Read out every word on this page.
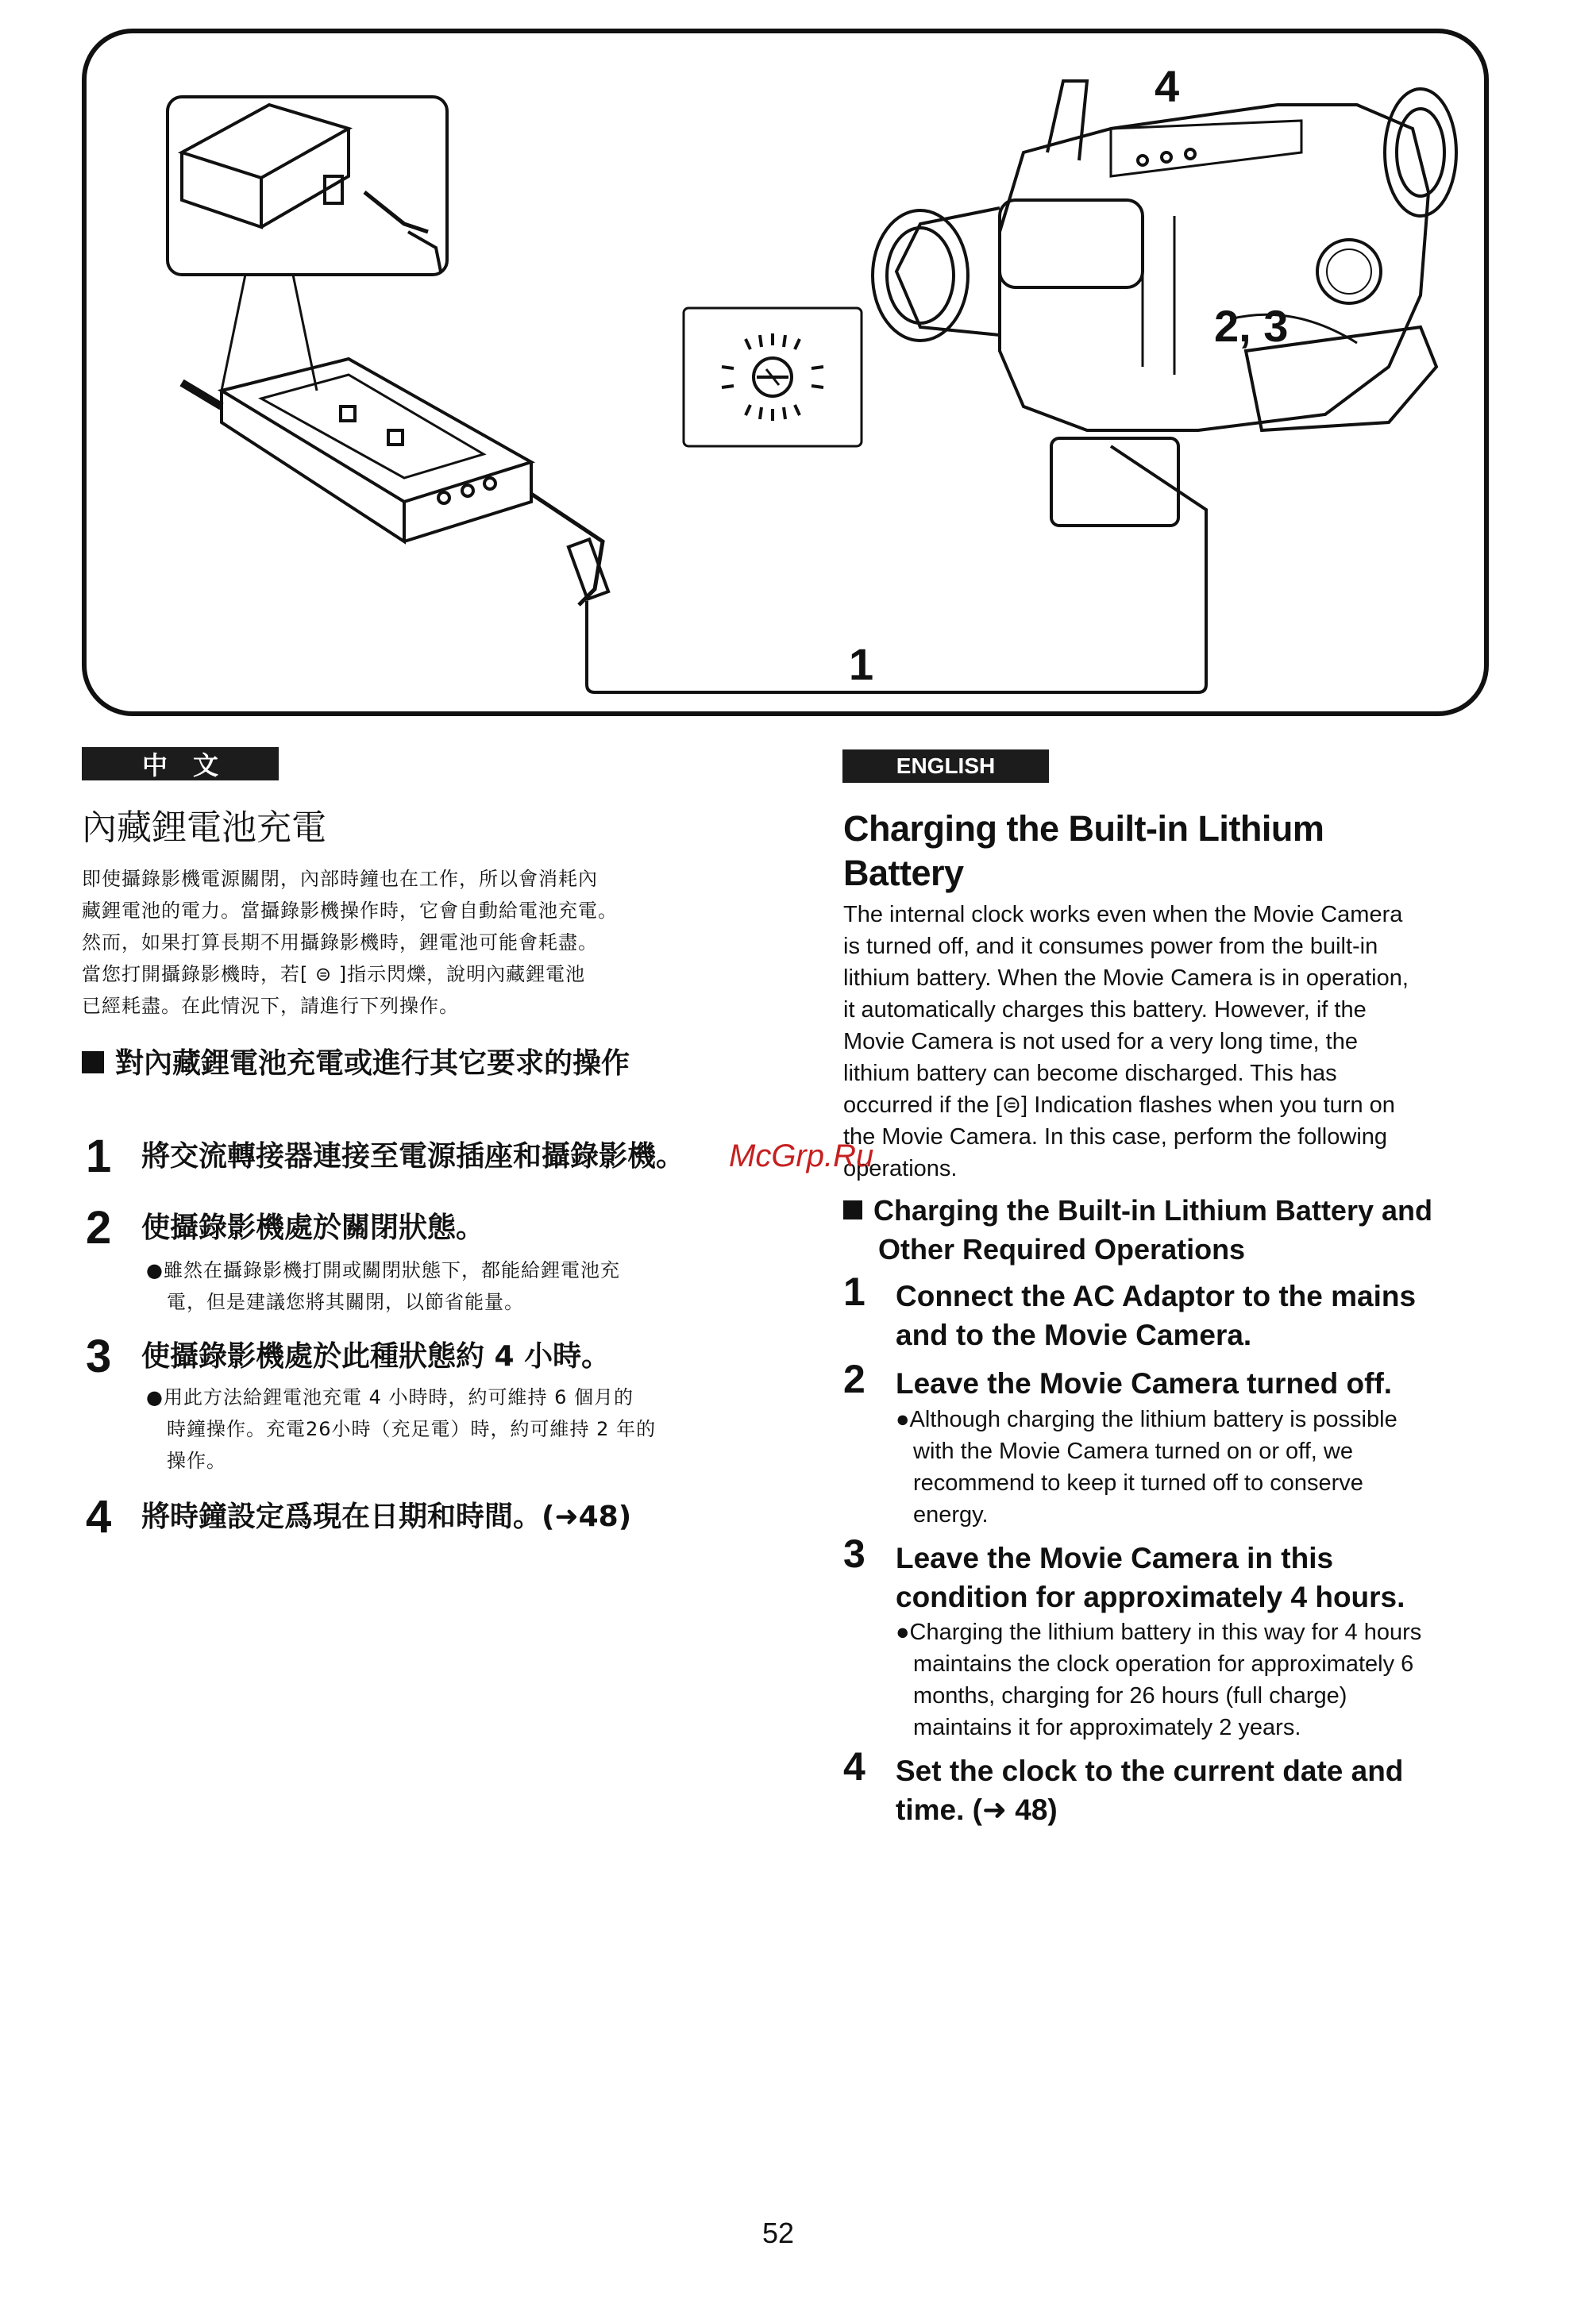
4
2, 3
1
中　文
內藏鋰電池充電
即使攝錄影機電源關閉，內部時鐘也在工作，所以會消耗內
藏鋰電池的電力。當攝錄影機操作時，它會自動給電池充電。
然而，如果打算長期不用攝錄影機時，鋰電池可能會耗盡。
當您打開攝錄影機時，若[ ⊜ ]指示閃爍，說明內藏鋰電池
已經耗盡。在此情況下，請進行下列操作。
對內藏鋰電池充電或進行其它要求的操作
1 將交流轉接器連接至電源插座和攝錄影機。
2 使攝錄影機處於關閉狀態。
●雖然在攝錄影機打開或關閉狀態下，都能給鋰電池充
電，但是建議您將其關閉，以節省能量。
3 使攝錄影機處於此種狀態約 4 小時。
●用此方法給鋰電池充電 4 小時時，約可維持 6 個月的
時鐘操作。充電26小時（充足電）時，約可維持 2 年的
操作。
4 將時鐘設定爲現在日期和時間。(➜48)
ENGLISH
Charging the Built-in Lithium
Battery
The internal clock works even when the Movie Camera
is turned off, and it consumes power from the built-in
lithium battery. When the Movie Camera is in operation,
it automatically charges this battery. However, if the
Movie Camera is not used for a very long time, the
lithium battery can become discharged. This has
occurred if the [⊜] Indication flashes when you turn on
the Movie Camera. In this case, perform the following
operations.
Charging the Built-in Lithium Battery and
Other Required Operations
1 Connect the AC Adaptor to the mains
and to the Movie Camera.
2 Leave the Movie Camera turned off.
●Although charging the lithium battery is possible
with the Movie Camera turned on or off, we
recommend to keep it turned off to conserve
energy.
3 Leave the Movie Camera in this
condition for approximately 4 hours.
●Charging the lithium battery in this way for 4 hours
maintains the clock operation for approximately 6
months, charging for 26 hours (full charge)
maintains it for approximately 2 years.
4 Set the clock to the current date and
time. (➜ 48)
McGrp.Ru
52
